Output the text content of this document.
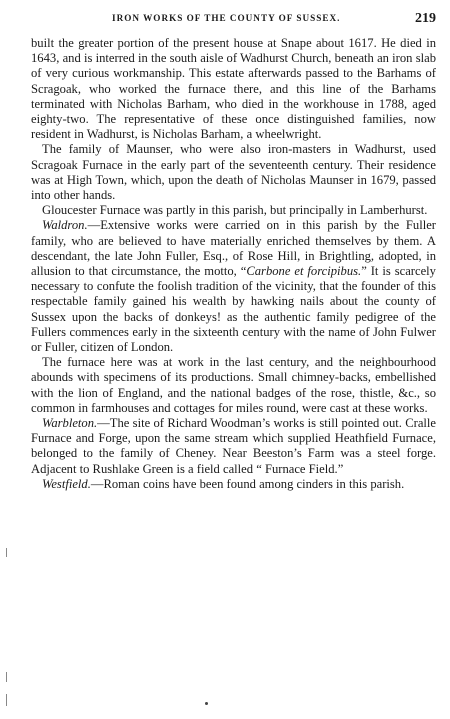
IRON WORKS OF THE COUNTY OF SUSSEX.	219

built the greater portion of the present house at Snape about 1617. He died in 1643, and is interred in the south aisle of Wadhurst Church, beneath an iron slab of very curious workmanship. This estate afterwards passed to the Barhams of Scragoak, who worked the furnace there, and this line of the Barhams terminated with Nicholas Barham, who died in the workhouse in 1788, aged eighty-two. The representative of these once distinguished families, now resident in Wadhurst, is Nicholas Barham, a wheelwright.

The family of Maunser, who were also iron-masters in Wadhurst, used Scragoak Furnace in the early part of the seventeenth century. Their residence was at High Town, which, upon the death of Nicholas Maunser in 1679, passed into other hands.

Gloucester Furnace was partly in this parish, but principally in Lamberhurst.

Waldron.—Extensive works were carried on in this parish by the Fuller family, who are believed to have materially enriched themselves by them. A descendant, the late John Fuller, Esq., of Rose Hill, in Brightling, adopted, in allusion to that circumstance, the motto, “Carbone et forcipibus.” It is scarcely necessary to confute the foolish tradition of the vicinity, that the founder of this respectable family gained his wealth by hawking nails about the county of Sussex upon the backs of donkeys! as the authentic family pedigree of the Fullers commences early in the sixteenth century with the name of John Fulwer or Fuller, citizen of London.

The furnace here was at work in the last century, and the neighbourhood abounds with specimens of its productions. Small chimney-backs, embellished with the lion of England, and the national badges of the rose, thistle, &c., so common in farmhouses and cottages for miles round, were cast at these works.

Warbleton.—The site of Richard Woodman’s works is still pointed out. Cralle Furnace and Forge, upon the same stream which supplied Heathfield Furnace, belonged to the family of Cheney. Near Beeston’s Farm was a steel forge. Adjacent to Rushlake Green is a field called “ Furnace Field.”

Westfield.—Roman coins have been found among cinders in this parish.
